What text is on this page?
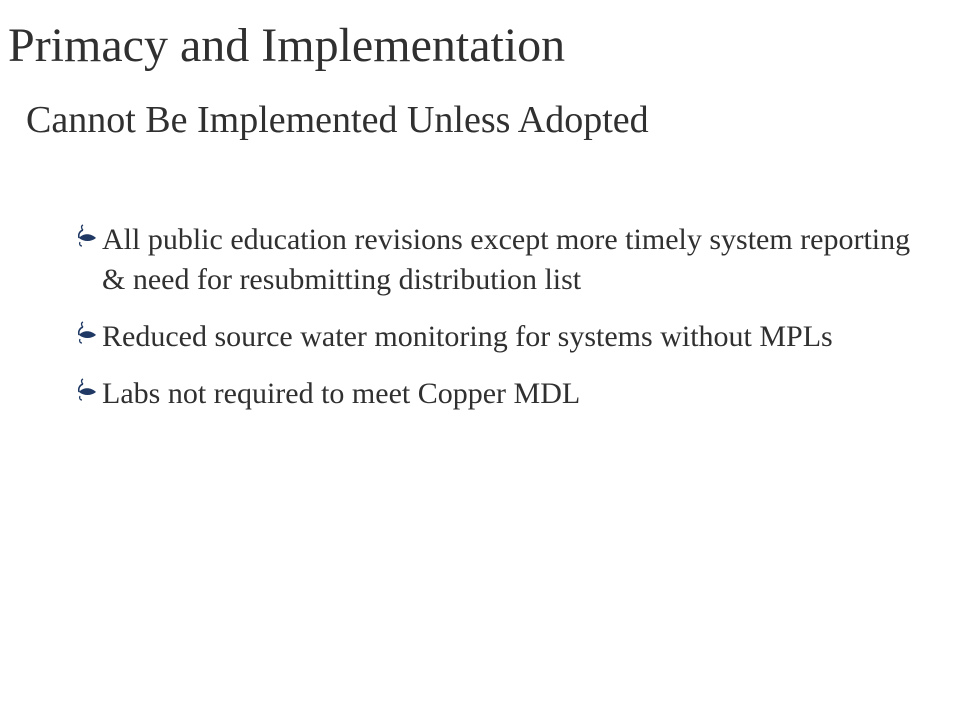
Primacy and Implementation
Cannot Be Implemented Unless Adopted
All public education revisions except more timely system reporting & need for resubmitting distribution list
Reduced source water monitoring for systems without MPLs
Labs not required to meet Copper MDL
